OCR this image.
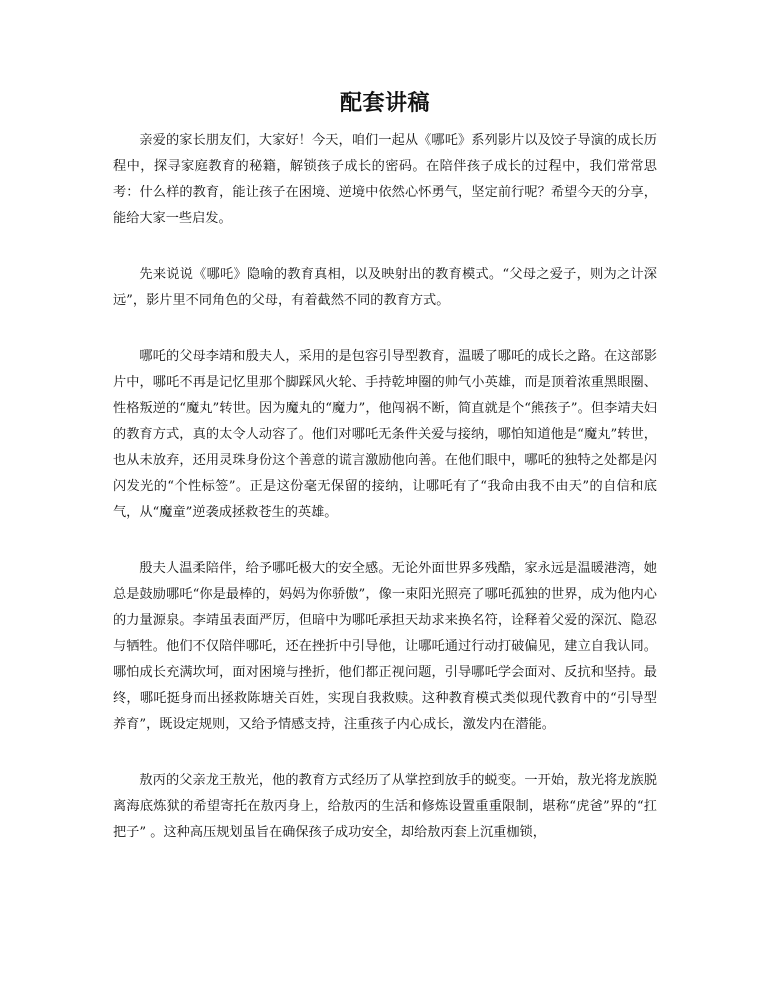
配套讲稿

亲爱的家长朋友们，大家好！今天，咱们一起从《哪吒》系列影片以及饺子导演的成长历程中，探寻家庭教育的秘籍，解锁孩子成长的密码。在陪伴孩子成长的过程中，我们常常思考：什么样的教育，能让孩子在困境、逆境中依然心怀勇气，坚定前行呢？希望今天的分享，能给大家一些启发。

先来说说《哪吒》隐喻的教育真相，以及映射出的教育模式。“父母之爱子，则为之计深远”，影片里不同角色的父母，有着截然不同的教育方式。

哪吒的父母李靖和殷夫人，采用的是包容引导型教育，温暖了哪吒的成长之路。在这部影片中，哪吒不再是记忆里那个脚踩风火轮、手持乾坤圈的帅气小英雄，而是顶着浓重黑眼圈、性格叛逆的“魔丸”转世。因为魔丸的“魔力”，他闯祸不断，简直就是个“熊孩子”。但李靖夫妇的教育方式，真的太令人动容了。他们对哪吒无条件关爱与接纳，哪怕知道他是“魔丸”转世，也从未放弃，还用灵珠身份这个善意的谎言激励他向善。在他们眼中，哪吒的独特之处都是闪闪发光的“个性标签”。正是这份毫无保留的接纳，让哪吒有了“我命由我不由天”的自信和底气，从“魔童”逆袭成拯救苍生的英雄。

殷夫人温柔陪伴，给予哪吒极大的安全感。无论外面世界多残酷，家永远是温暖港湾，她总是鼓励哪吒“你是最棒的，妈妈为你骄傲”，像一束阳光照亮了哪吒孤独的世界，成为他内心的力量源泉。李靖虽表面严厉，但暗中为哪吒承担天劫求来换名符，诠释着父爱的深沉、隐忍与牺牲。他们不仅陪伴哪吒，还在挫折中引导他，让哪吒通过行动打破偏见，建立自我认同。哪怕成长充满坎坷，面对困境与挫折，他们都正视问题，引导哪吒学会面对、反抗和坚持。最终，哪吒挺身而出拯救陈塘关百姓，实现自我救赎。这种教育模式类似现代教育中的“引导型养育”，既设定规则，又给予情感支持，注重孩子内心成长，激发内在潜能。

敖丙的父亲龙王敖光，他的教育方式经历了从掌控到放手的蜕变。一开始，敖光将龙族脱离海底炼狱的希望寄托在敖丙身上，给敖丙的生活和修炼设置重重限制，堪称“虎爸”界的“扛把子” 。这种高压规划虽旨在确保孩子成功安全，却给敖丙套上沉重枷锁，
